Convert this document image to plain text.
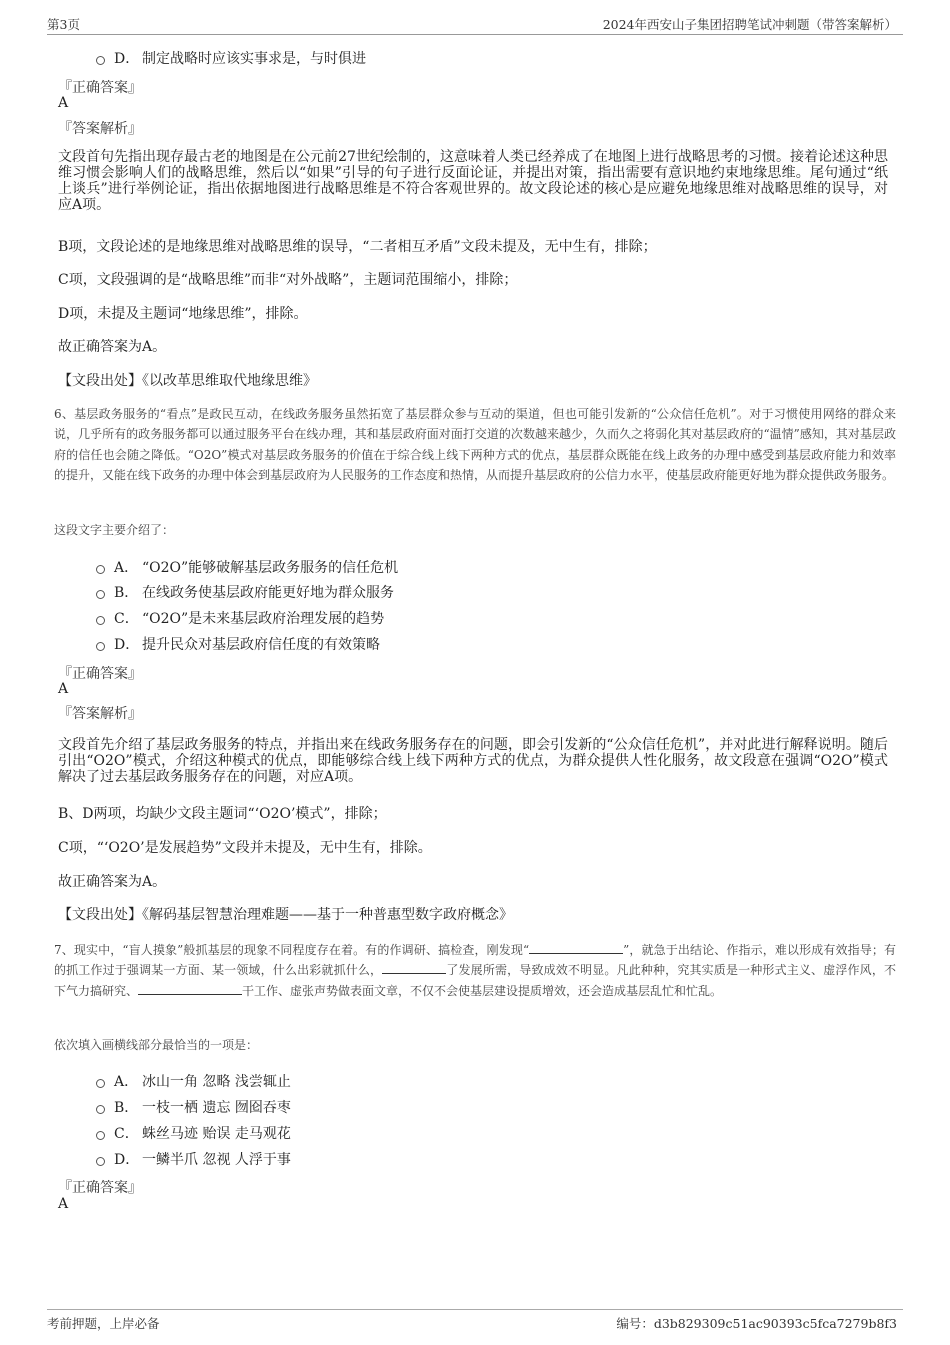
第3页	2024年西安山子集团招聘笔试冲刺题（带答案解析）
D． 制定战略时应该实事求是，与时俱进
『正确答案』
A
『答案解析』
文段首句先指出现存最古老的地图是在公元前27世纪绘制的，这意味着人类已经养成了在地图上进行战略思考的习惯。接着论述这种思维习惯会影响人们的战略思维，然后以“如果”引导的句子进行反面论证，并提出对策，指出需要有意识地约束地缘思维。尾句通过“纸上谈兵”进行举例论证，指出依据地图进行战略思维是不符合客观世界的。故文段论述的核心是应避免地缘思维对战略思维的误导，对应A项。
B项，文段论述的是地缘思维对战略思维的误导，“二者相互矛盾”文段未提及，无中生有，排除；
C项，文段强调的是“战略思维”而非“对外战略”，主题词范围缩小，排除；
D项，未提及主题词“地缘思维”，排除。
故正确答案为A。
【文段出处】《以改革思维取代地缘思维》
6、基层政务服务的“看点”是政民互动，在线政务服务虽然拓宽了基层群众参与互动的渠道，但也可能引发新的“公众信任危机”。对于习惯使用网络的群众来说，几乎所有的政务服务都可以通过服务平台在线办理，其和基层政府面对面打交道的次数越来越少，久而久之将弱化其对基层政府的“温情”感知，其对基层政府的信任也会随之降低。“O2O”模式对基层政务服务的价值在于综合线上线下两种方式的优点，基层群众既能在线上政务的办理中感受到基层政府能力和效率的提升，又能在线下政务的办理中体会到基层政府为人民服务的工作态度和热情，从而提升基层政府的公信力水平，使基层政府能更好地为群众提供政务服务。
这段文字主要介绍了：
A． “O2O”能够破解基层政务服务的信任危机
B． 在线政务使基层政府能更好地为群众服务
C． “O2O”是未来基层政府治理发展的趋势
D． 提升民众对基层政府信任度的有效策略
『正确答案』
A
『答案解析』
文段首先介绍了基层政务服务的特点，并指出来在线政务服务存在的问题，即会引发新的“公众信任危机”，并对此进行解释说明。随后引出“O2O”模式，介绍这种模式的优点，即能够综合线上线下两种方式的优点，为群众提供人性化服务，故文段意在强调“O2O”模式解决了过去基层政务服务存在的问题，对应A项。
B、D两项，均缺少文段主题词“‘O2O’模式”，排除；
C项，“‘O2O’是发展趋势”文段并未提及，无中生有，排除。
故正确答案为A。
【文段出处】《解码基层智慧治理难题——基于一种普惠型数字政府概念》
7、现实中，“盲人摸象”般抓基层的现象不同程度存在着。有的作调研、搞检查，刚发现“	”，就急于出结论、作指示，难以形成有效指导；有的抓工作过于强调某一方面、某一领域，什么出彩就抓什么，	了发展所需，导致成效不明显。凡此种种，究其实质是一种形式主义、虚浮作风，不下气力搞研究、	干工作、虚张声势做表面文章，不仅不会使基层建设提质增效，还会造成基层乱忙和忙乱。
依次填入画横线部分最恰当的一项是：
A． 冰山一角 忽略 浅尝辄止
B． 一枝一栖 遗忘 囫囵吞枣
C． 蛛丝马迹 贻误 走马观花
D． 一鳞半爪 忽视 人浮于事
『正确答案』
A
考前押题，上岸必备	编号：d3b829309c51ac90393c5fca7279b8f3
